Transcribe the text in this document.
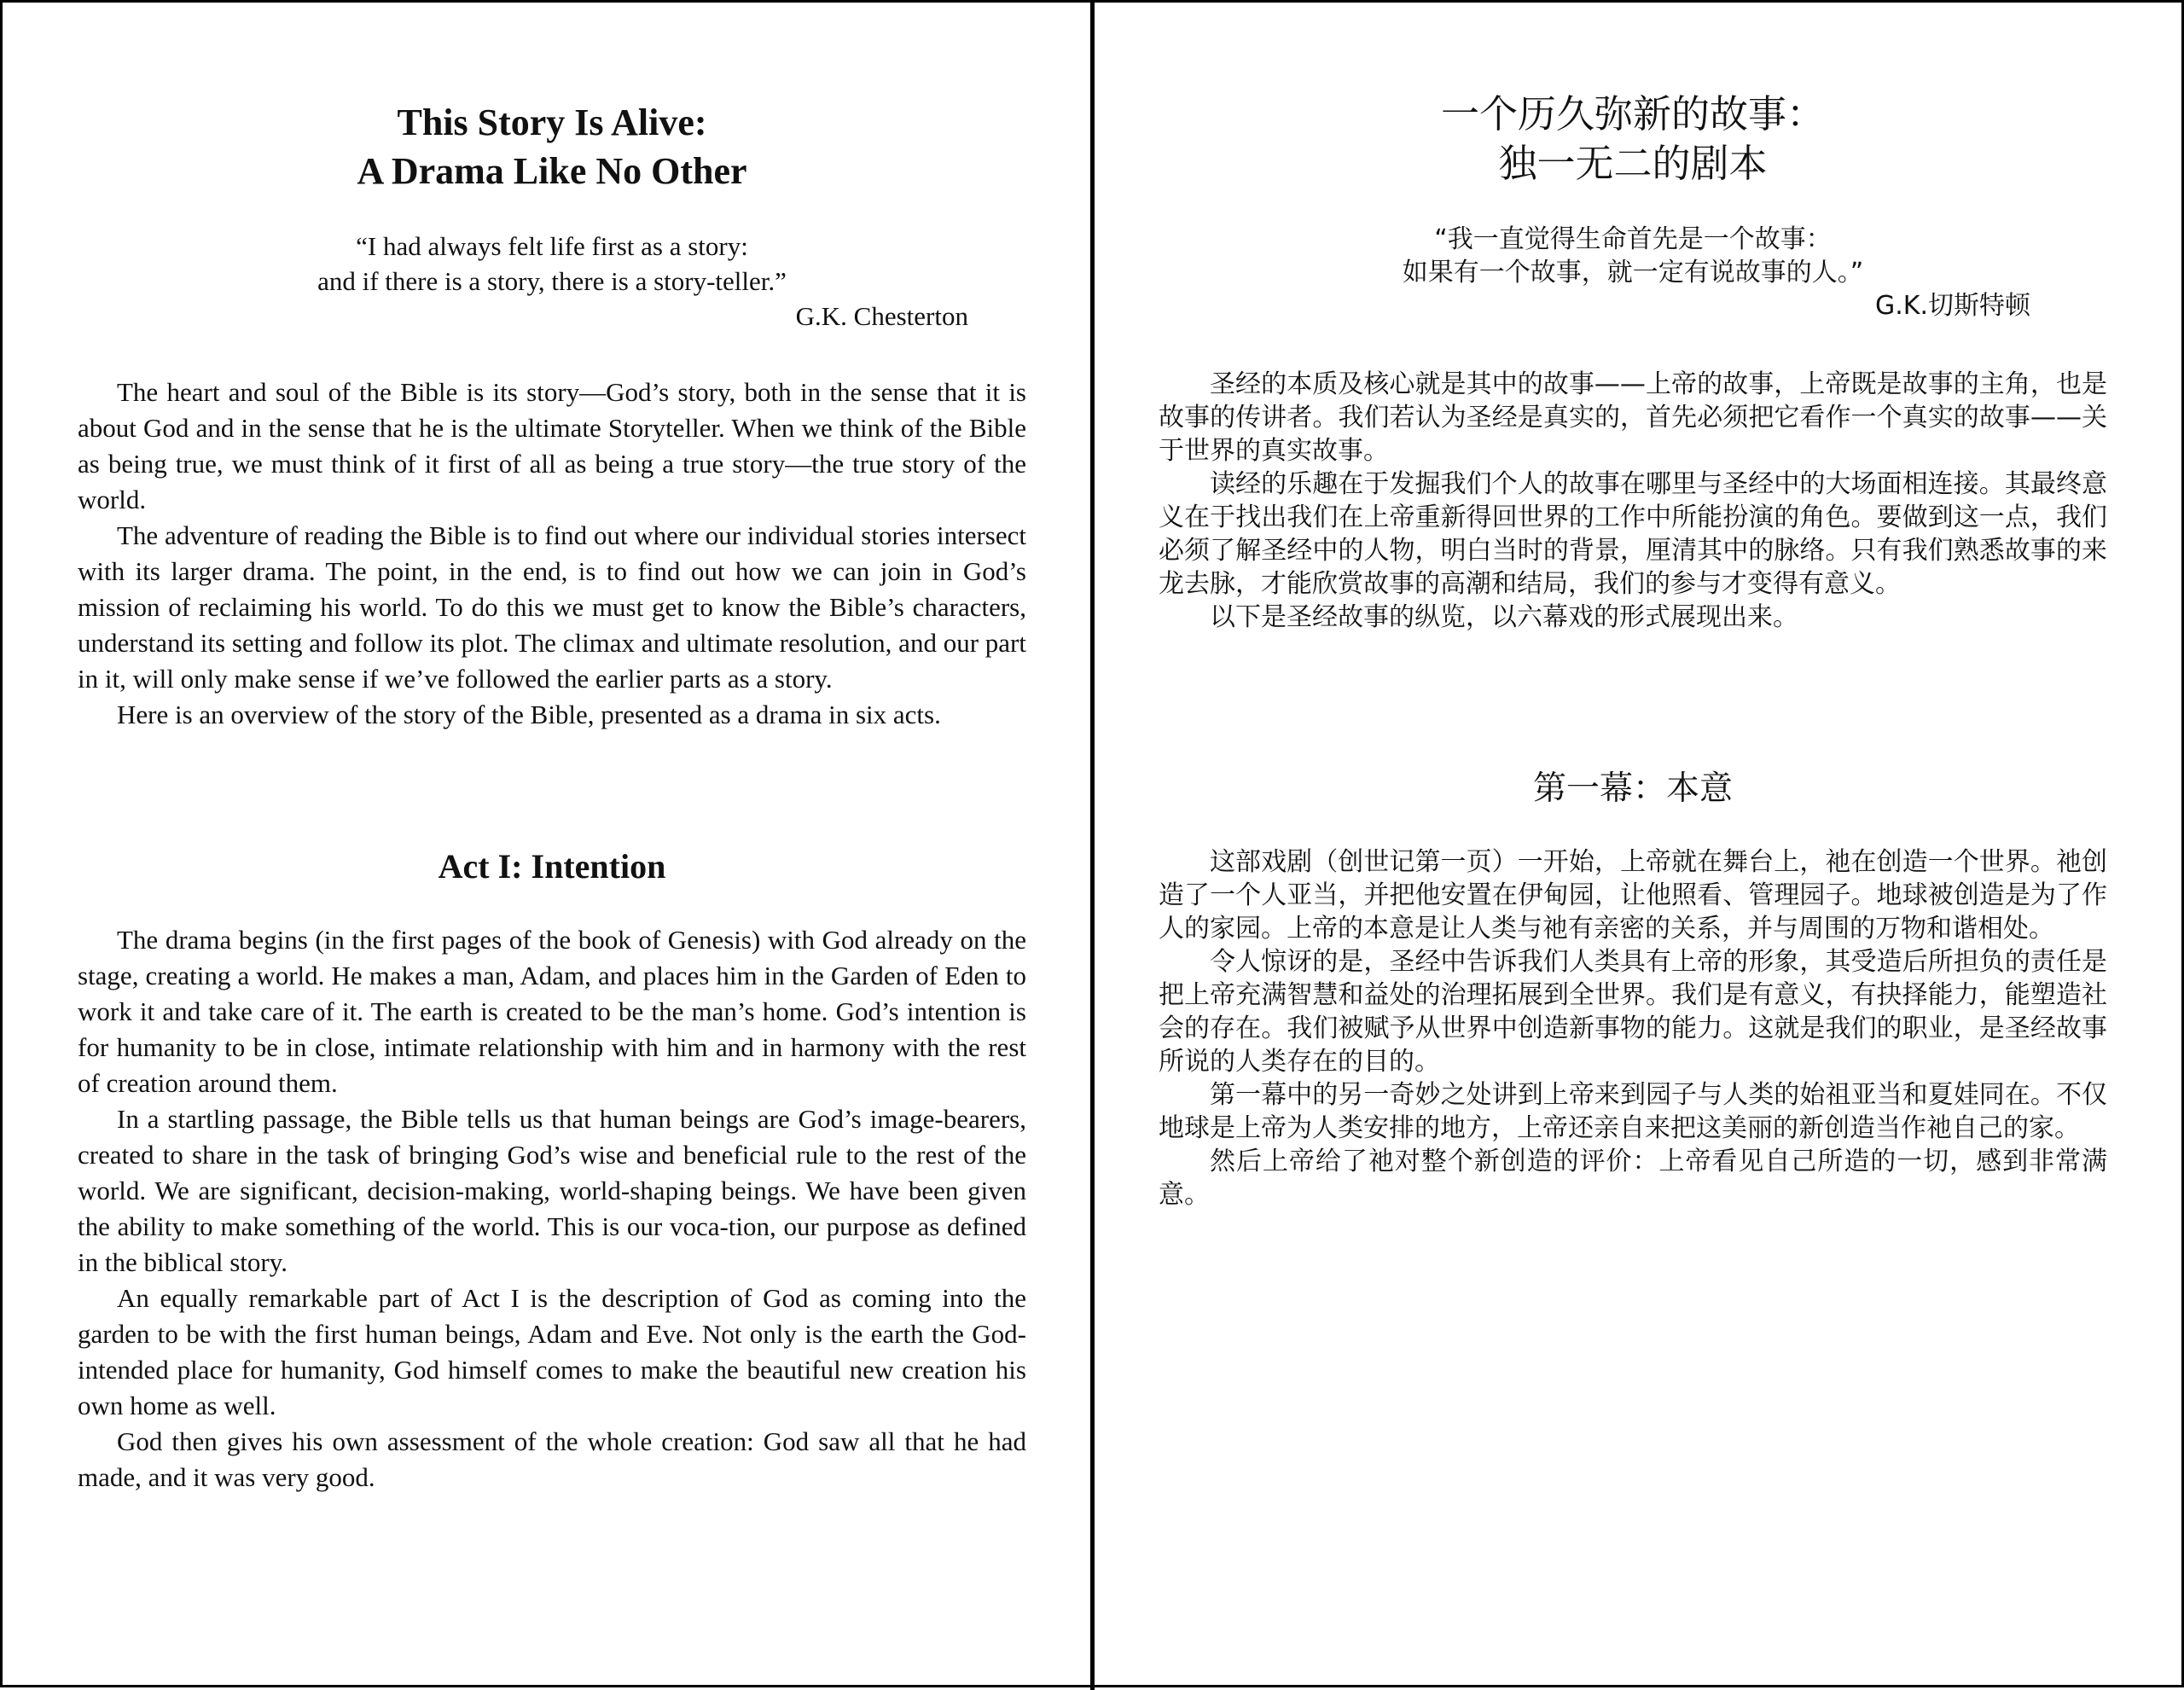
This Story Is Alive:
A Drama Like No Other
“I had always felt life first as a story:
and if there is a story, there is a story-teller.”
G.K. Chesterton

The heart and soul of the Bible is its story—God’s story, both in the sense that it is about God and in the sense that he is the ultimate Storyteller. When we think of the Bible as being true, we must think of it first of all as being a true story—the true story of the world.

The adventure of reading the Bible is to find out where our individual stories intersect with its larger drama. The point, in the end, is to find out how we can join in God’s mission of reclaiming his world. To do this we must get to know the Bible’s characters, understand its setting and follow its plot. The climax and ultimate resolution, and our part in it, will only make sense if we’ve followed the earlier parts as a story.

Here is an overview of the story of the Bible, presented as a drama in six acts.

Act I: Intention

The drama begins (in the first pages of the book of Genesis) with God already on the stage, creating a world. He makes a man, Adam, and places him in the Garden of Eden to work it and take care of it. The earth is created to be the man’s home. God’s intention is for humanity to be in close, intimate relationship with him and in harmony with the rest of creation around them.

In a startling passage, the Bible tells us that human beings are God’s image-bearers, created to share in the task of bringing God’s wise and beneficial rule to the rest of the world. We are significant, decision-making, world-shaping beings. We have been given the ability to make something of the world. This is our voca-tion, our purpose as defined in the biblical story.

An equally remarkable part of Act I is the description of God as coming into the garden to be with the first human beings, Adam and Eve. Not only is the earth the God-intended place for humanity, God himself comes to make the beautiful new creation his own home as well.

God then gives his own assessment of the whole creation: God saw all that he had made, and it was very good.

一个历久弥新的故事：
独一无二的剧本
“我一直觉得生命首先是一个故事：
如果有一个故事，就一定有说故事的人。”
G.K.切斯特顿

圣经的本质及核心就是其中的故事——上帝的故事，上帝既是故事的主角，也是故事的传讲者。我们若认为圣经是真实的，首先必须把它看作一个真实的故事——关于世界的真实故事。

读经的乐趣在于发掘我们个人的故事在哪里与圣经中的大场面相连接。其最终意义在于找出我们在上帝重新得回世界的工作中所能扮演的角色。要做到这一点，我们必须了解圣经中的人物，明白当时的背景，厘清其中的脉络。只有我们熟悉故事的来龙去脉，才能欣赏故事的高潮和结局，我们的参与才变得有意义。

以下是圣经故事的纵览，以六幕戏的形式展现出来。

第一幕：本意

这部戏剧（创世记第一页）一开始，上帝就在舞台上，祂在创造一个世界。祂创造了一个人亚当，并把他安置在伊甸园，让他照看、管理园子。地球被创造是为了作人的家园。上帝的本意是让人类与祂有亲密的关系，并与周围的万物和谐相处。

令人惊讶的是，圣经中告诉我们人类具有上帝的形象，其受造后所担负的责任是把上帝充满智慧和益处的治理拓展到全世界。我们是有意义，有抉择能力，能塑造社会的存在。我们被赋予从世界中创造新事物的能力。这就是我们的职业，是圣经故事所说的人类存在的目的。

第一幕中的另一奇妙之处讲到上帝来到园子与人类的始祖亚当和夏娃同在。不仅地球是上帝为人类安排的地方，上帝还亲自来把这美丽的新创造当作祂自己的家。

然后上帝给了祂对整个新创造的评价：上帝看见自己所造的一切，感到非常满意。
